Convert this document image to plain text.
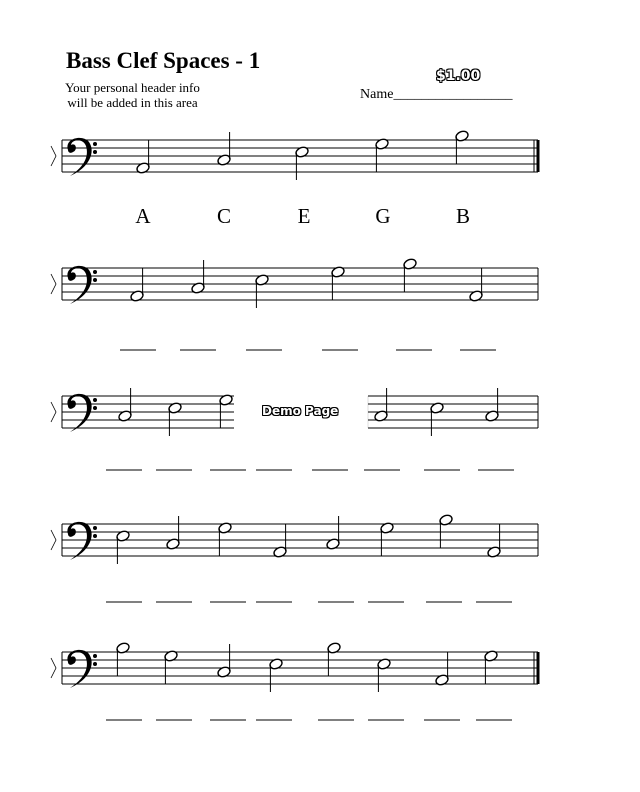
Bass Clef Spaces - 1
Your personal header info will be added in this area
$1.00
Name_________________
Demo Page
A	C	E	G	B
